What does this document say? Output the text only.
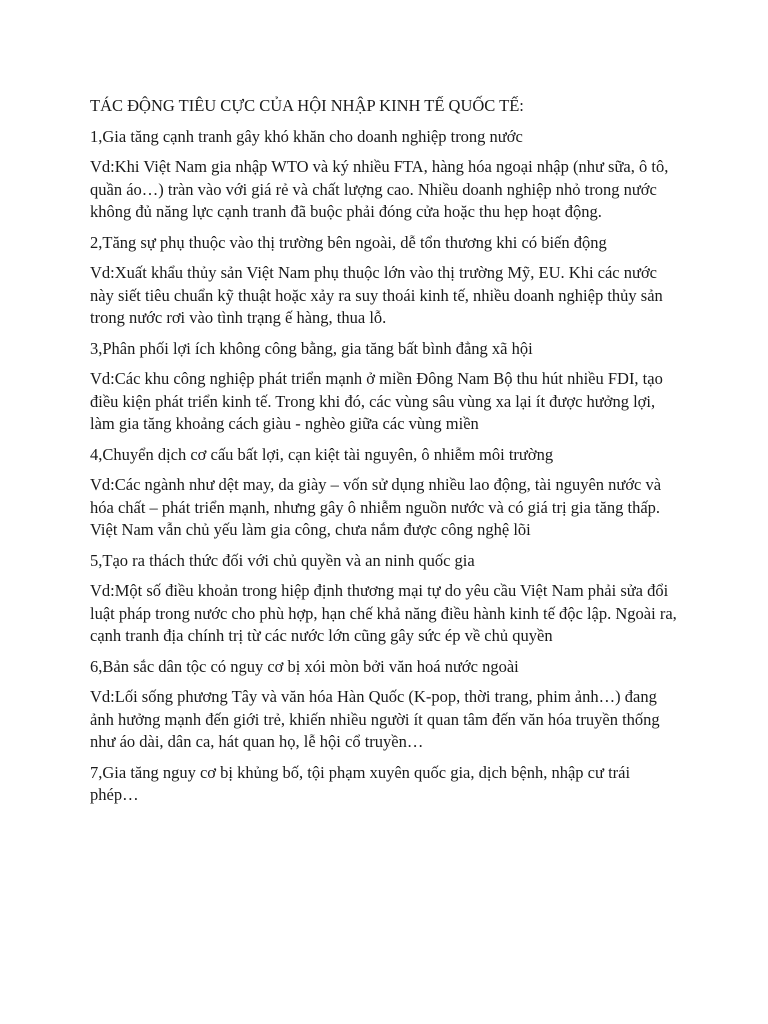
TÁC ĐỘNG TIÊU CỰC CỦA HỘI NHẬP KINH TẾ QUỐC TẾ:

1,Gia tăng cạnh tranh gây khó khăn cho doanh nghiệp trong nước

Vd:Khi Việt Nam gia nhập WTO và ký nhiều FTA, hàng hóa ngoại nhập (như sữa, ô tô, quần áo…) tràn vào với giá rẻ và chất lượng cao. Nhiều doanh nghiệp nhỏ trong nước không đủ năng lực cạnh tranh đã buộc phải đóng cửa hoặc thu hẹp hoạt động.

2,Tăng sự phụ thuộc vào thị trường bên ngoài, dễ tổn thương khi có biến động

Vd:Xuất khẩu thủy sản Việt Nam phụ thuộc lớn vào thị trường Mỹ, EU. Khi các nước này siết tiêu chuẩn kỹ thuật hoặc xảy ra suy thoái kinh tế, nhiều doanh nghiệp thủy sản trong nước rơi vào tình trạng ế hàng, thua lỗ.

3,Phân phối lợi ích không công bằng, gia tăng bất bình đẳng xã hội

Vd:Các khu công nghiệp phát triển mạnh ở miền Đông Nam Bộ thu hút nhiều FDI, tạo điều kiện phát triển kinh tế. Trong khi đó, các vùng sâu vùng xa lại ít được hưởng lợi, làm gia tăng khoảng cách giàu - nghèo giữa các vùng miền

4,Chuyển dịch cơ cấu bất lợi, cạn kiệt tài nguyên, ô nhiễm môi trường

Vd:Các ngành như dệt may, da giày – vốn sử dụng nhiều lao động, tài nguyên nước và hóa chất – phát triển mạnh, nhưng gây ô nhiễm nguồn nước và có giá trị gia tăng thấp. Việt Nam vẫn chủ yếu làm gia công, chưa nắm được công nghệ lõi

5,Tạo ra thách thức đối với chủ quyền và an ninh quốc gia

Vd:Một số điều khoản trong hiệp định thương mại tự do yêu cầu Việt Nam phải sửa đổi luật pháp trong nước cho phù hợp, hạn chế khả năng điều hành kinh tế độc lập. Ngoài ra, cạnh tranh địa chính trị từ các nước lớn cũng gây sức ép về chủ quyền

6,Bản sắc dân tộc có nguy cơ bị xói mòn bởi văn hoá nước ngoài

Vd:Lối sống phương Tây và văn hóa Hàn Quốc (K-pop, thời trang, phim ảnh…) đang ảnh hưởng mạnh đến giới trẻ, khiến nhiều người ít quan tâm đến văn hóa truyền thống như áo dài, dân ca, hát quan họ, lễ hội cổ truyền…

7,Gia tăng nguy cơ bị khủng bố, tội phạm xuyên quốc gia, dịch bệnh, nhập cư trái phép…
